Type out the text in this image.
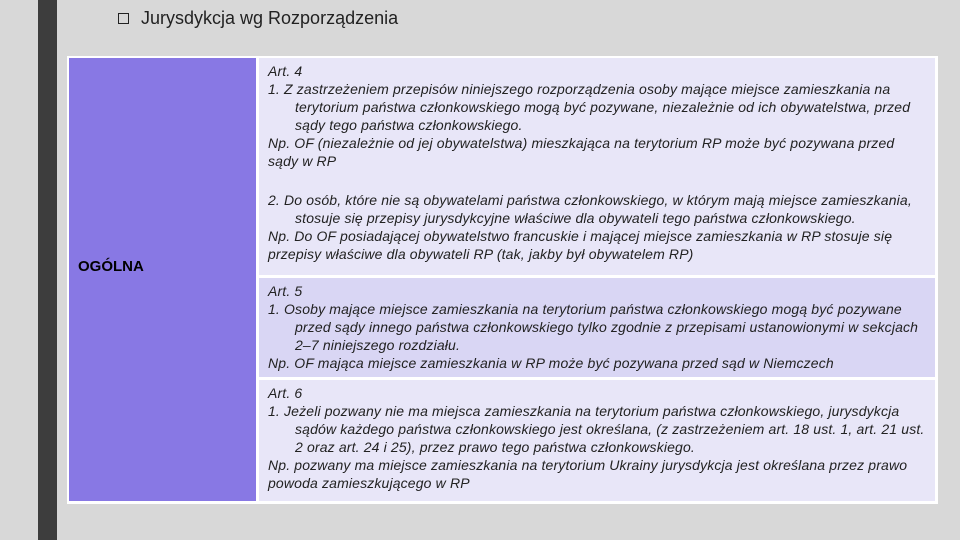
Jurysdykcja wg Rozporządzenia
OGÓLNA

Art. 4

1. Z zastrzeżeniem przepisów niniejszego rozporządzenia osoby mające miejsce zamieszkania na terytorium państwa członkowskiego mogą być pozywane, niezależnie od ich obywatelstwa, przed sądy tego państwa członkowskiego.

Np. OF (niezależnie od jej obywatelstwa) mieszkająca na terytorium RP może być pozywana przed sądy w RP

2. Do osób, które nie są obywatelami państwa członkowskiego, w którym mają miejsce zamieszkania, stosuje się przepisy jurysdykcyjne właściwe dla obywateli tego państwa członkowskiego.

Np. Do OF posiadającej obywatelstwo francuskie i mającej miejsce zamieszkania w RP stosuje się przepisy właściwe dla obywateli RP (tak, jakby był obywatelem RP)

Art. 5

1. Osoby mające miejsce zamieszkania na terytorium państwa członkowskiego mogą być pozywane przed sądy innego państwa członkowskiego tylko zgodnie z przepisami ustanowionymi w sekcjach 2–7 niniejszego rozdziału.

Np. OF mająca miejsce zamieszkania w RP może być pozywana przed sąd w Niemczech

Art. 6

1. Jeżeli pozwany nie ma miejsca zamieszkania na terytorium państwa członkowskiego, jurysdykcja sądów każdego państwa członkowskiego jest określana, (z zastrzeżeniem art. 18 ust. 1, art. 21 ust. 2 oraz art. 24 i 25), przez prawo tego państwa członkowskiego.

Np. pozwany ma miejsce zamieszkania na terytorium Ukrainy jurysdykcja jest określana przez prawo powoda zamieszkującego w RP
